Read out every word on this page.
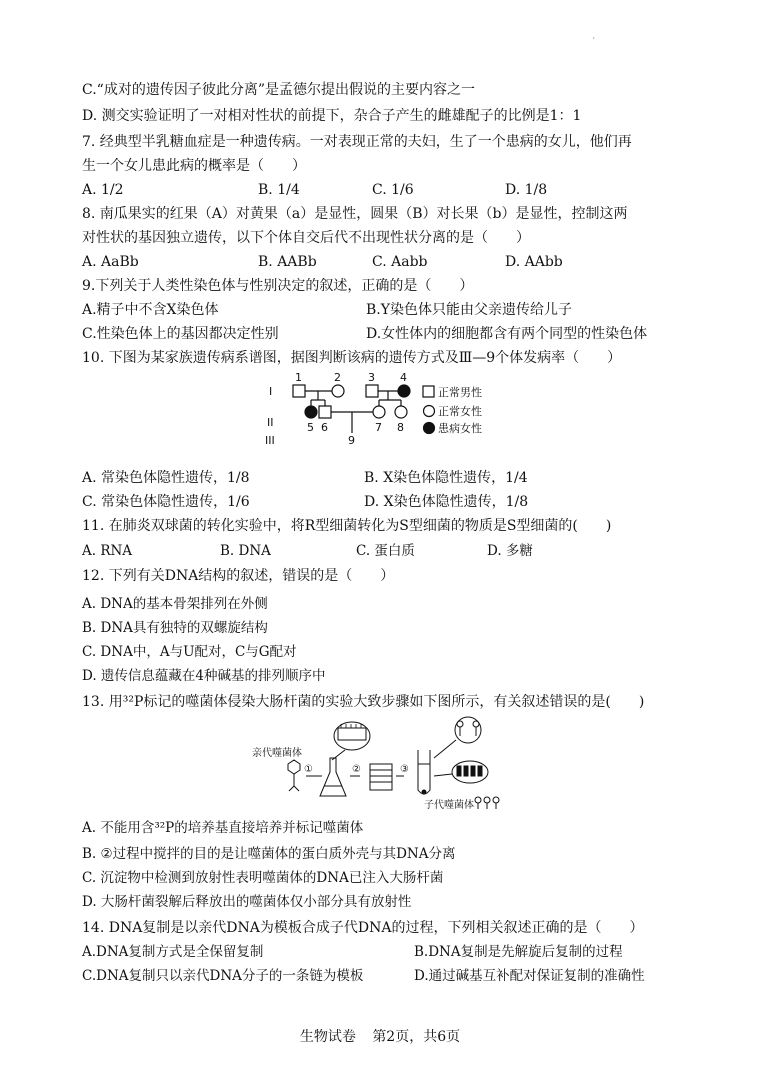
·
C.“成对的遗传因子彼此分离”是孟德尔提出假说的主要内容之一
D. 测交实验证明了一对相对性状的前提下，杂合子产生的雌雄配子的比例是1：1
7. 经典型半乳糖血症是一种遗传病。一对表现正常的夫妇，生了一个患病的女儿，他们再
生一个女儿患此病的概率是（　　）
A. 1/2	B. 1/4	C. 1/6	D. 1/8
8. 南瓜果实的红果（A）对黄果（a）是显性，圆果（B）对长果（b）是显性，控制这两
对性状的基因独立遗传，以下个体自交后代不出现性状分离的是（　　）
A. AaBb	B. AABb	C. Aabb	D. AAbb
9.下列关于人类性染色体与性别决定的叙述，正确的是（　　）
A.精子中不含X染色体	B.Y染色体只能由父亲遗传给儿子
C.性染色体上的基因都决定性别	D.女性体内的细胞都含有两个同型的性染色体
10. 下图为某家族遗传病系谱图，据图判断该病的遗传方式及Ⅲ—9个体发病率（　　）
I
II
III
1	2 3 4
5 6	7 8
9
正常男性
正常女性
患病女性
A. 常染色体隐性遗传，1/8	B. X染色体隐性遗传，1/4
C. 常染色体隐性遗传，1/6	D. X染色体隐性遗传，1/8
11. 在肺炎双球菌的转化实验中，将R型细菌转化为S型细菌的物质是S型细菌的(　　)
A. RNA	B. DNA	C. 蛋白质	D. 多糖
12. 下列有关DNA结构的叙述，错误的是（　　）
A. DNA的基本骨架排列在外侧
B. DNA具有独特的双螺旋结构
C. DNA中，A与U配对，C与G配对
D. 遗传信息蕴藏在4种碱基的排列顺序中
13. 用³²P标记的噬菌体侵染大肠杆菌的实验大致步骤如下图所示，有关叙述错误的是(　　)
亲代噬菌体
①	②	③
子代噬菌体
A. 不能用含³²P的培养基直接培养并标记噬菌体
B. ②过程中搅拌的目的是让噬菌体的蛋白质外壳与其DNA分离
C. 沉淀物中检测到放射性表明噬菌体的DNA已注入大肠杆菌
D. 大肠杆菌裂解后释放出的噬菌体仅小部分具有放射性
14. DNA复制是以亲代DNA为模板合成子代DNA的过程，下列相关叙述正确的是（　　）
A.DNA复制方式是全保留复制	B.DNA复制是先解旋后复制的过程
C.DNA复制只以亲代DNA分子的一条链为模板	D.通过碱基互补配对保证复制的准确性
生物试卷 第2页，共6页
